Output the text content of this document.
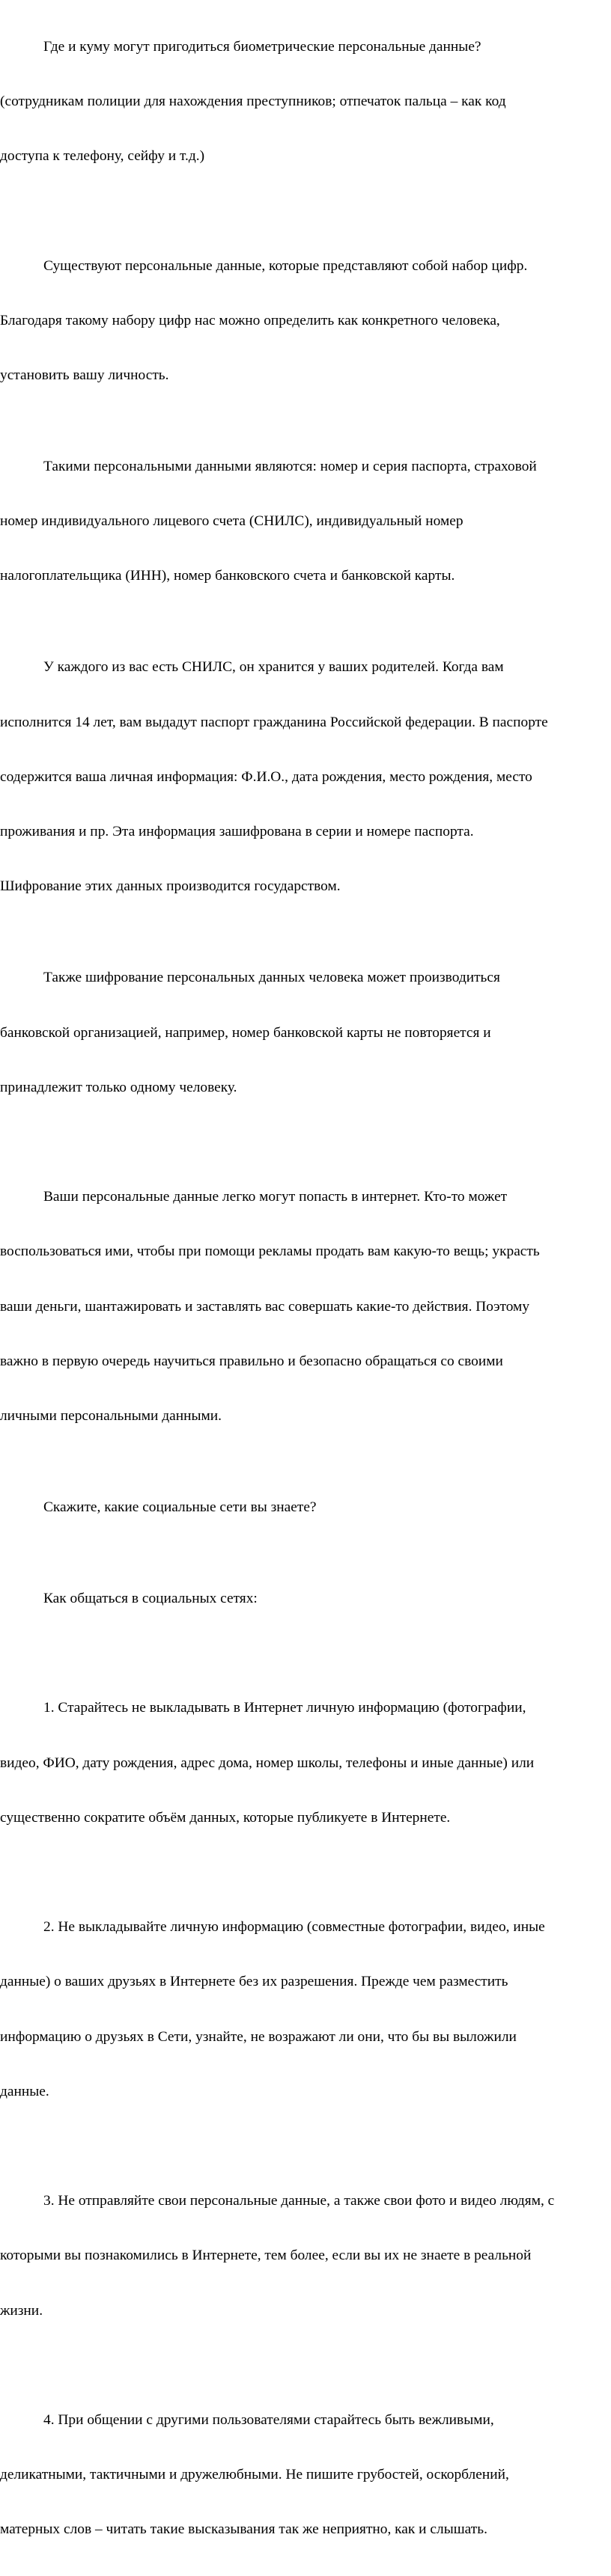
Где и куму могут пригодиться биометрические персональные данные?

(сотрудникам полиции для нахождения преступников; отпечаток пальца – как код

доступа к телефону, сейфу и т.д.)

Существуют персональные данные, которые представляют собой набор цифр.

Благодаря такому набору цифр нас можно определить как конкретного человека,

установить вашу личность.

Такими персональными данными являются: номер и серия паспорта, страховой

номер индивидуального лицевого счета (СНИЛС), индивидуальный номер

налогоплательщика (ИНН), номер банковского счета и банковской карты.

У каждого из вас есть СНИЛС, он хранится у ваших родителей. Когда вам

исполнится 14 лет, вам выдадут паспорт гражданина Российской федерации. В паспорте

содержится ваша личная информация: Ф.И.О., дата рождения, место рождения, место

проживания и пр. Эта информация зашифрована в серии и номере паспорта.

Шифрование этих данных производится государством.

Также шифрование персональных данных человека может производиться

банковской организацией, например, номер банковской карты не повторяется и

принадлежит только одному человеку.

Ваши персональные данные легко могут попасть в интернет. Кто-то может

воспользоваться ими, чтобы при помощи рекламы продать вам какую-то вещь; украсть

ваши деньги, шантажировать и заставлять вас совершать какие-то действия. Поэтому

важно в первую очередь научиться правильно и безопасно обращаться со своими

личными персональными данными.

Скажите, какие социальные сети вы знаете?

Как общаться в социальных сетях:

1. Старайтесь не выкладывать в Интернет личную информацию (фотографии,

видео, ФИО, дату рождения, адрес дома, номер школы, телефоны и иные данные) или

существенно сократите объём данных, которые публикуете в Интернете.

2. Не выкладывайте личную информацию (совместные фотографии, видео, иные

данные) о ваших друзьях в Интернете без их разрешения. Прежде чем разместить

информацию о друзьях в Сети, узнайте, не возражают ли они, что бы вы выложили

данные.

3. Не отправляйте свои персональные данные, а также свои фото и видео людям, с

которыми вы познакомились в Интернете, тем более, если вы их не знаете в реальной

жизни.

4. При общении с другими пользователями старайтесь быть вежливыми,

деликатными, тактичными и дружелюбными. Не пишите грубостей, оскорблений,

матерных слов – читать такие высказывания так же неприятно, как и слышать.
